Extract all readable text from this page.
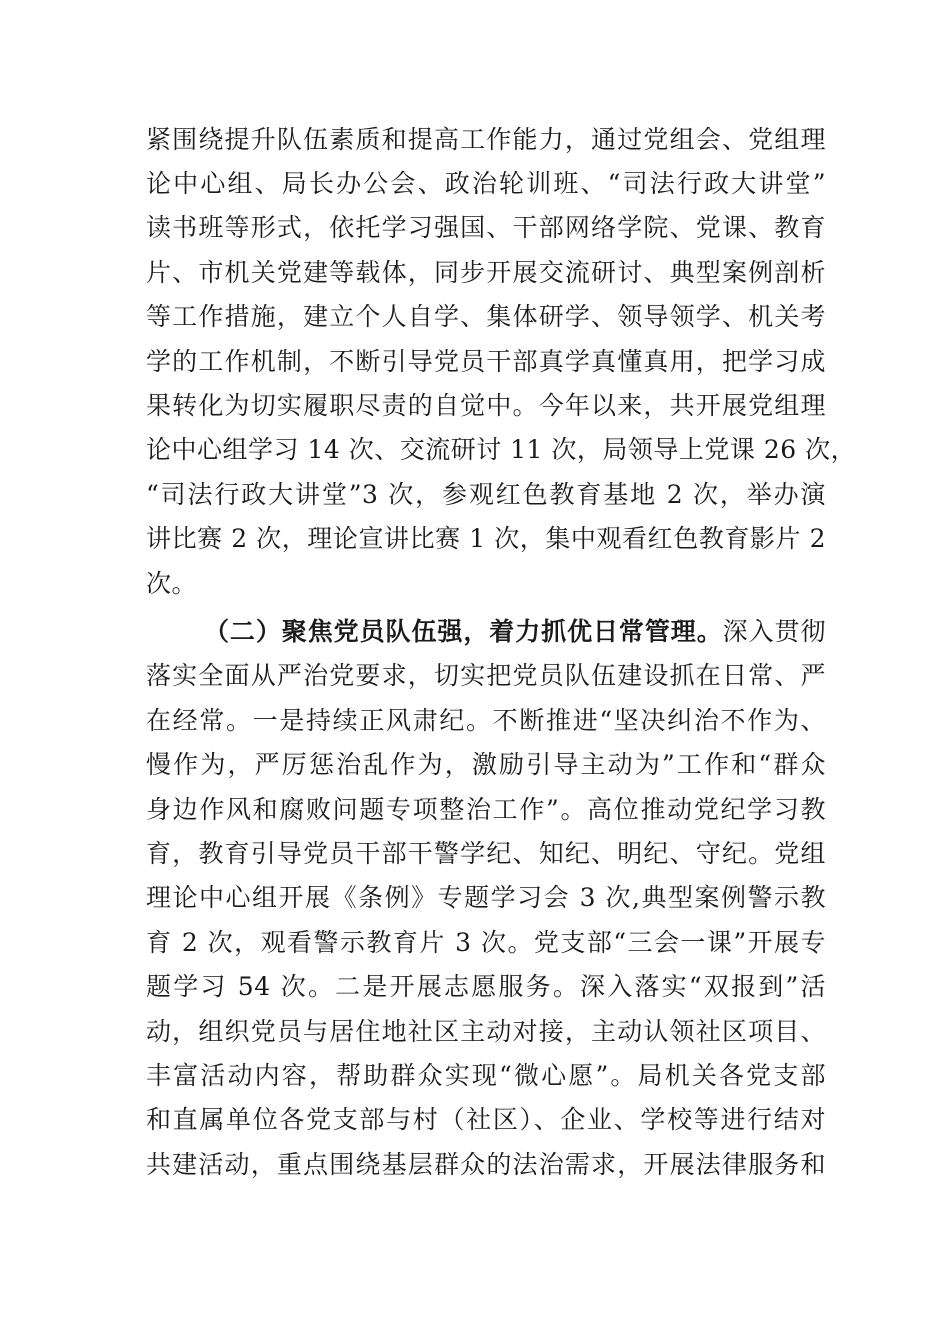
紧围绕提升队伍素质和提高工作能力，通过党组会、党组理
论中心组、局长办公会、政治轮训班、“司法行政大讲堂”
读书班等形式，依托学习强国、干部网络学院、党课、教育
片、市机关党建等载体，同步开展交流研讨、典型案例剖析
等工作措施，建立个人自学、集体研学、领导领学、机关考
学的工作机制，不断引导党员干部真学真懂真用，把学习成
果转化为切实履职尽责的自觉中。今年以来，共开展党组理
论中心组学习 14 次、交流研讨 11 次，局领导上党课 26 次，
“司法行政大讲堂”3 次，参观红色教育基地 2 次，举办演
讲比赛 2 次，理论宣讲比赛 1 次，集中观看红色教育影片 2
次。
（二）聚焦党员队伍强，着力抓优日常管理。深入贯彻
落实全面从严治党要求，切实把党员队伍建设抓在日常、严
在经常。一是持续正风肃纪。不断推进“坚决纠治不作为、
慢作为，严厉惩治乱作为，激励引导主动为”工作和“群众
身边作风和腐败问题专项整治工作”。高位推动党纪学习教
育，教育引导党员干部干警学纪、知纪、明纪、守纪。党组
理论中心组开展《条例》专题学习会 3 次,典型案例警示教
育 2 次，观看警示教育片 3 次。党支部“三会一课”开展专
题学习 54 次。二是开展志愿服务。深入落实“双报到”活
动，组织党员与居住地社区主动对接，主动认领社区项目、
丰富活动内容，帮助群众实现“微心愿”。局机关各党支部
和直属单位各党支部与村（社区）、企业、学校等进行结对
共建活动，重点围绕基层群众的法治需求，开展法律服务和
